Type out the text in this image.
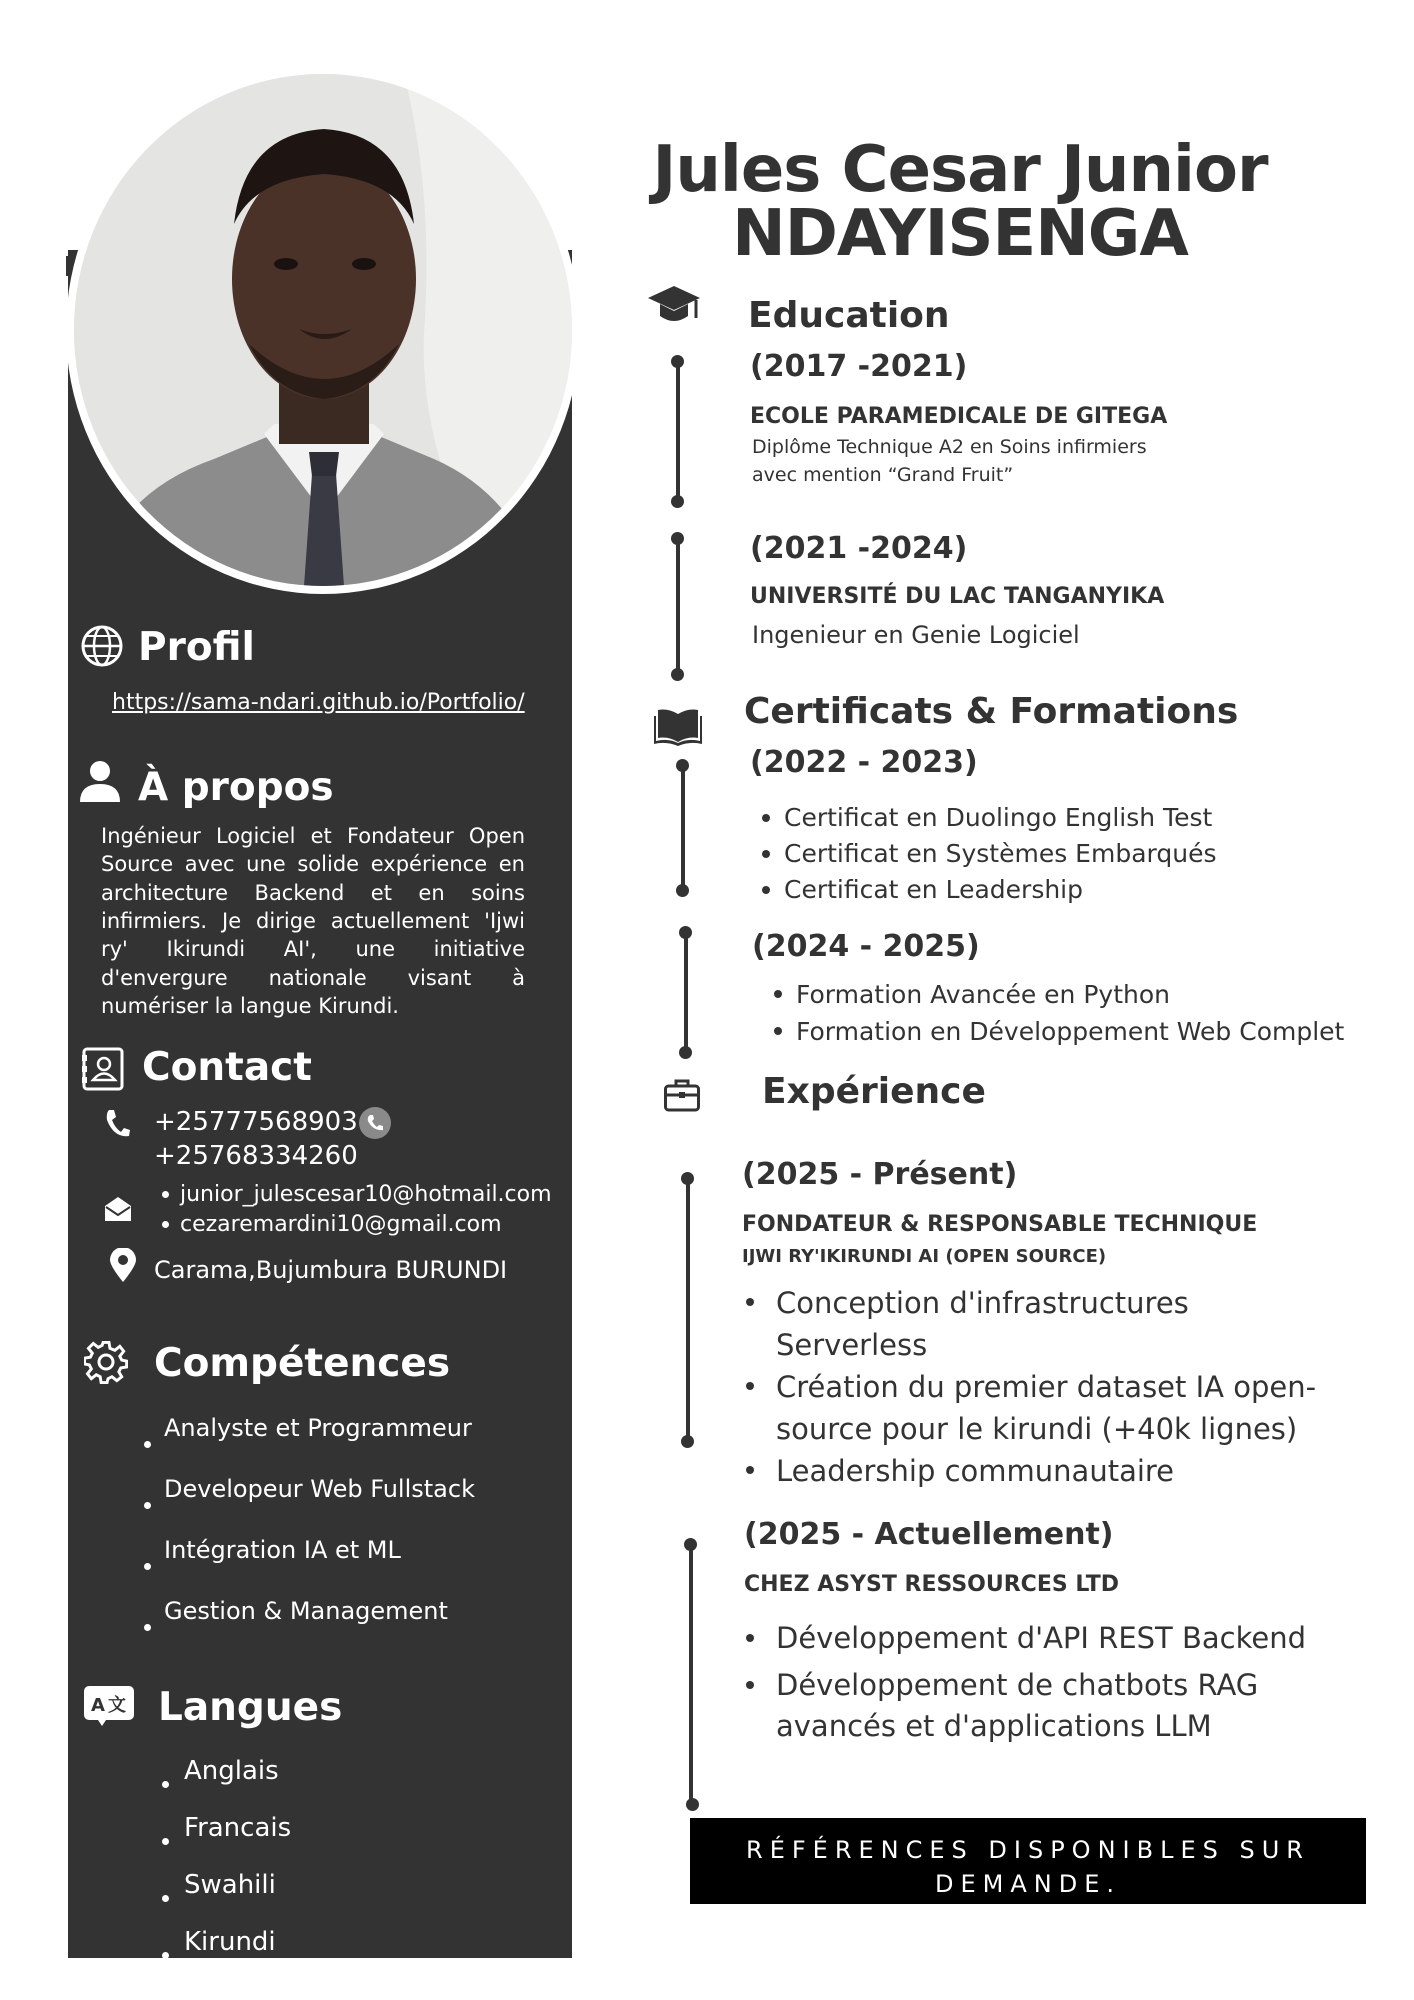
Profil
https://sama-ndari.github.io/Portfolio/
À propos
Ingénieur Logiciel et Fondateur Open Source avec une solide expérience en architecture Backend et en soins infirmiers. Je dirige actuellement 'Ijwi ry' Ikirundi AI', une initiative d'envergure nationale visant à numériser la langue Kirundi.
Contact
+25777568903
+25768334260
junior_julescesar10@hotmail.com
cezaremardini10@gmail.com
Carama,Bujumbura BURUNDI
Compétences
Analyste et Programmeur
Developeur Web Fullstack
Intégration IA et ML
Gestion & Management
A 文 Langues
Anglais
Francais
Swahili
Kirundi
Jules Cesar Junior
NDAYISENGA
Education
(2017 -2021)
ECOLE PARAMEDICALE DE GITEGA
Diplôme Technique A2 en Soins infirmiers
avec mention “Grand Fruit”
(2021 -2024)
UNIVERSITÉ DU LAC TANGANYIKA
Ingenieur en Genie Logiciel
Certificats & Formations
(2022 - 2023)
Certificat en Duolingo English Test
Certificat en Systèmes Embarqués
Certificat en Leadership
(2024 - 2025)
Formation Avancée en Python
Formation en Développement Web Complet
Expérience
(2025 - Présent)
FONDATEUR & RESPONSABLE TECHNIQUE
IJWI RY'IKIRUNDI AI (OPEN SOURCE)
Conception d'infrastructures
Serverless
Création du premier dataset IA open-
source pour le kirundi (+40k lignes)
Leadership communautaire
(2025 - Actuellement)
CHEZ ASYST RESSOURCES LTD
Développement d'API REST Backend
Développement de chatbots RAG
avancés et d'applications LLM
RÉFÉRENCES DISPONIBLES SUR
DEMANDE.
